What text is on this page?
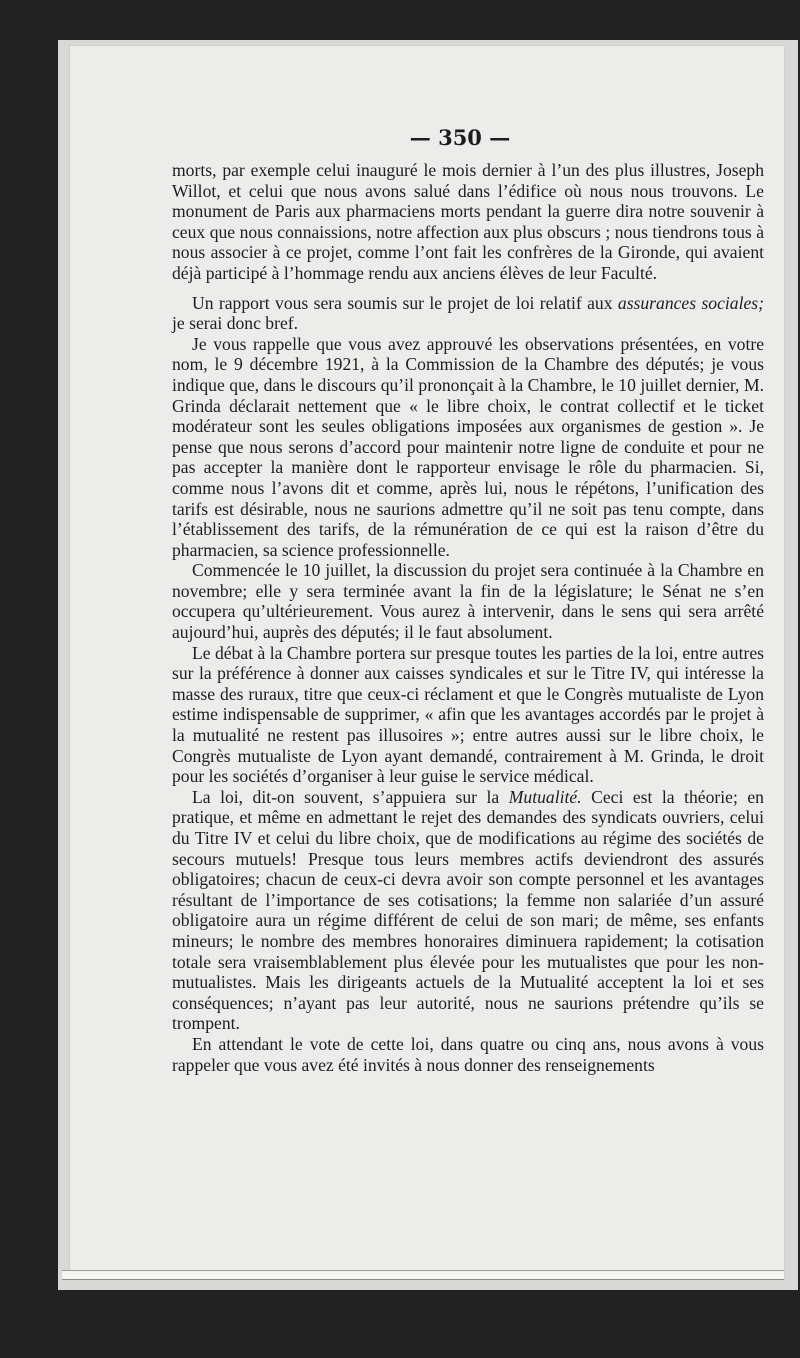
— 350 —

morts, par exemple celui inauguré le mois dernier à l’un des plus illustres, Joseph Willot, et celui que nous avons salué dans l’édifice où nous nous trouvons. Le monument de Paris aux pharmaciens morts pendant la guerre dira notre souvenir à ceux que nous connaissions, notre affection aux plus obscurs ; nous tiendrons tous à nous associer à ce projet, comme l’ont fait les confrères de la Gironde, qui avaient déjà participé à l’hommage rendu aux anciens élèves de leur Faculté.

Un rapport vous sera soumis sur le projet de loi relatif aux assurances sociales; je serai donc bref.

Je vous rappelle que vous avez approuvé les observations présentées, en votre nom, le 9 décembre 1921, à la Commission de la Chambre des députés; je vous indique que, dans le discours qu’il prononçait à la Chambre, le 10 juillet dernier, M. Grinda déclarait nettement que « le libre choix, le contrat collectif et le ticket modérateur sont les seules obligations imposées aux organismes de gestion ». Je pense que nous serons d’accord pour maintenir notre ligne de conduite et pour ne pas accepter la manière dont le rapporteur envisage le rôle du pharmacien. Si, comme nous l’avons dit et comme, après lui, nous le répétons, l’unification des tarifs est désirable, nous ne saurions admettre qu’il ne soit pas tenu compte, dans l’établissement des tarifs, de la rémunération de ce qui est la raison d’être du pharmacien, sa science professionnelle.

Commencée le 10 juillet, la discussion du projet sera continuée à la Chambre en novembre; elle y sera terminée avant la fin de la législature; le Sénat ne s’en occupera qu’ultérieurement. Vous aurez à intervenir, dans le sens qui sera arrêté aujourd’hui, auprès des députés; il le faut absolument.

Le débat à la Chambre portera sur presque toutes les parties de la loi, entre autres sur la préférence à donner aux caisses syndicales et sur le Titre IV, qui intéresse la masse des ruraux, titre que ceux-ci réclament et que le Congrès mutualiste de Lyon estime indispensable de supprimer, « afin que les avantages accordés par le projet à la mutualité ne restent pas illusoires »; entre autres aussi sur le libre choix, le Congrès mutualiste de Lyon ayant demandé, contrairement à M. Grinda, le droit pour les sociétés d’organiser à leur guise le service médical.

La loi, dit-on souvent, s’appuiera sur la Mutualité. Ceci est la théorie; en pratique, et même en admettant le rejet des demandes des syndicats ouvriers, celui du Titre IV et celui du libre choix, que de modifications au régime des sociétés de secours mutuels! Presque tous leurs membres actifs deviendront des assurés obligatoires; chacun de ceux-ci devra avoir son compte personnel et les avantages résultant de l’importance de ses cotisations; la femme non salariée d’un assuré obligatoire aura un régime différent de celui de son mari; de même, ses enfants mineurs; le nombre des membres honoraires diminuera rapidement; la cotisation totale sera vraisemblablement plus élevée pour les mutualistes que pour les non-mutualistes. Mais les dirigeants actuels de la Mutualité acceptent la loi et ses conséquences; n’ayant pas leur autorité, nous ne saurions prétendre qu’ils se trompent.

En attendant le vote de cette loi, dans quatre ou cinq ans, nous avons à vous rappeler que vous avez été invités à nous donner des renseignements
